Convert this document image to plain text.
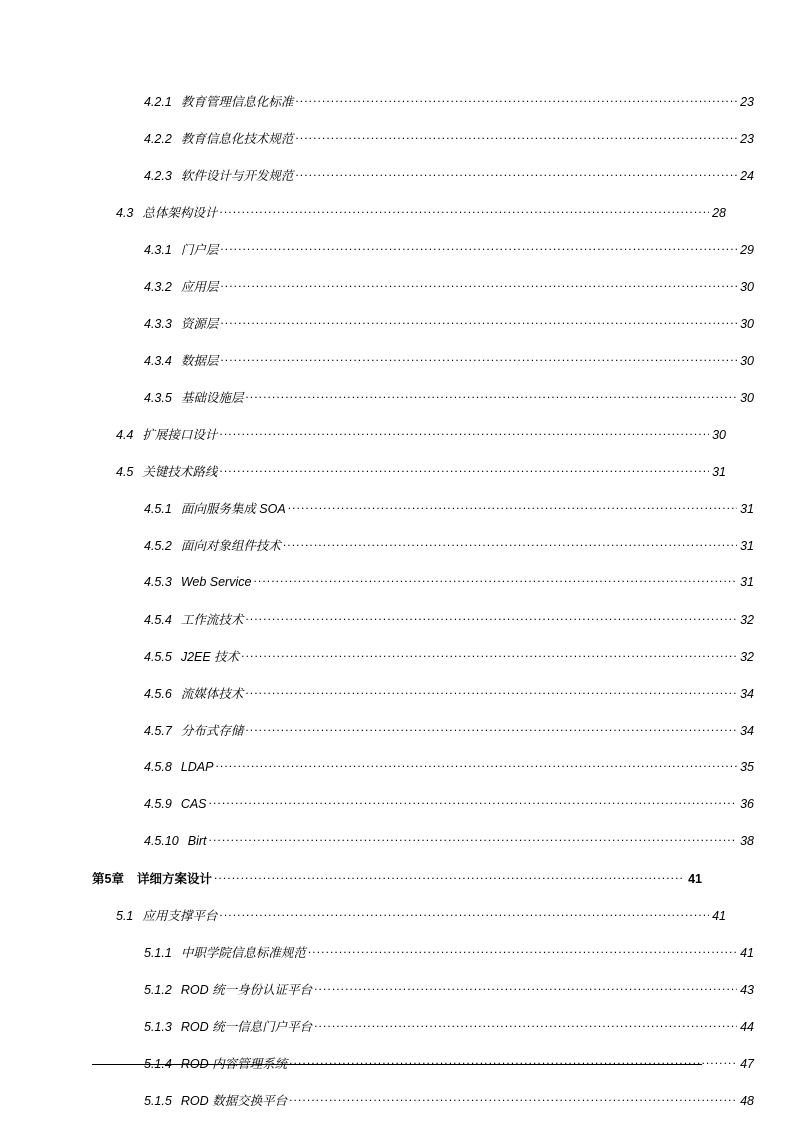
4.2.1 教育管理信息化标准 .....	23
4.2.2 教育信息化技术规范 .....	23
4.2.3 软件设计与开发规范 .....	24
4.3 总体架构设计 .....	28
4.3.1 门户层 .....	29
4.3.2 应用层 .....	30
4.3.3 资源层 .....	30
4.3.4 数据层 .....	30
4.3.5 基础设施层 .....	30
4.4 扩展接口设计 .....	30
4.5 关键技术路线 .....	31
4.5.1 面向服务集成 SOA .....	31
4.5.2 面向对象组件技术 .....	31
4.5.3 Web Service .....	31
4.5.4 工作流技术 .....	32
4.5.5 J2EE 技术 .....	32
4.5.6 流媒体技术 .....	34
4.5.7 分布式存储 .....	34
4.5.8 LDAP .....	35
4.5.9 CAS .....	36
4.5.10 Birt .....	38
第5章 详细方案设计 .....	41
5.1 应用支撑平台 .....	41
5.1.1 中职学院信息标准规范 .....	41
5.1.2 ROD 统一身份认证平台 .....	43
5.1.3 ROD 统一信息门户平台 .....	44
5.1.4 ROD 内容管理系统 .....	47
5.1.5 ROD 数据交换平台 .....	48
